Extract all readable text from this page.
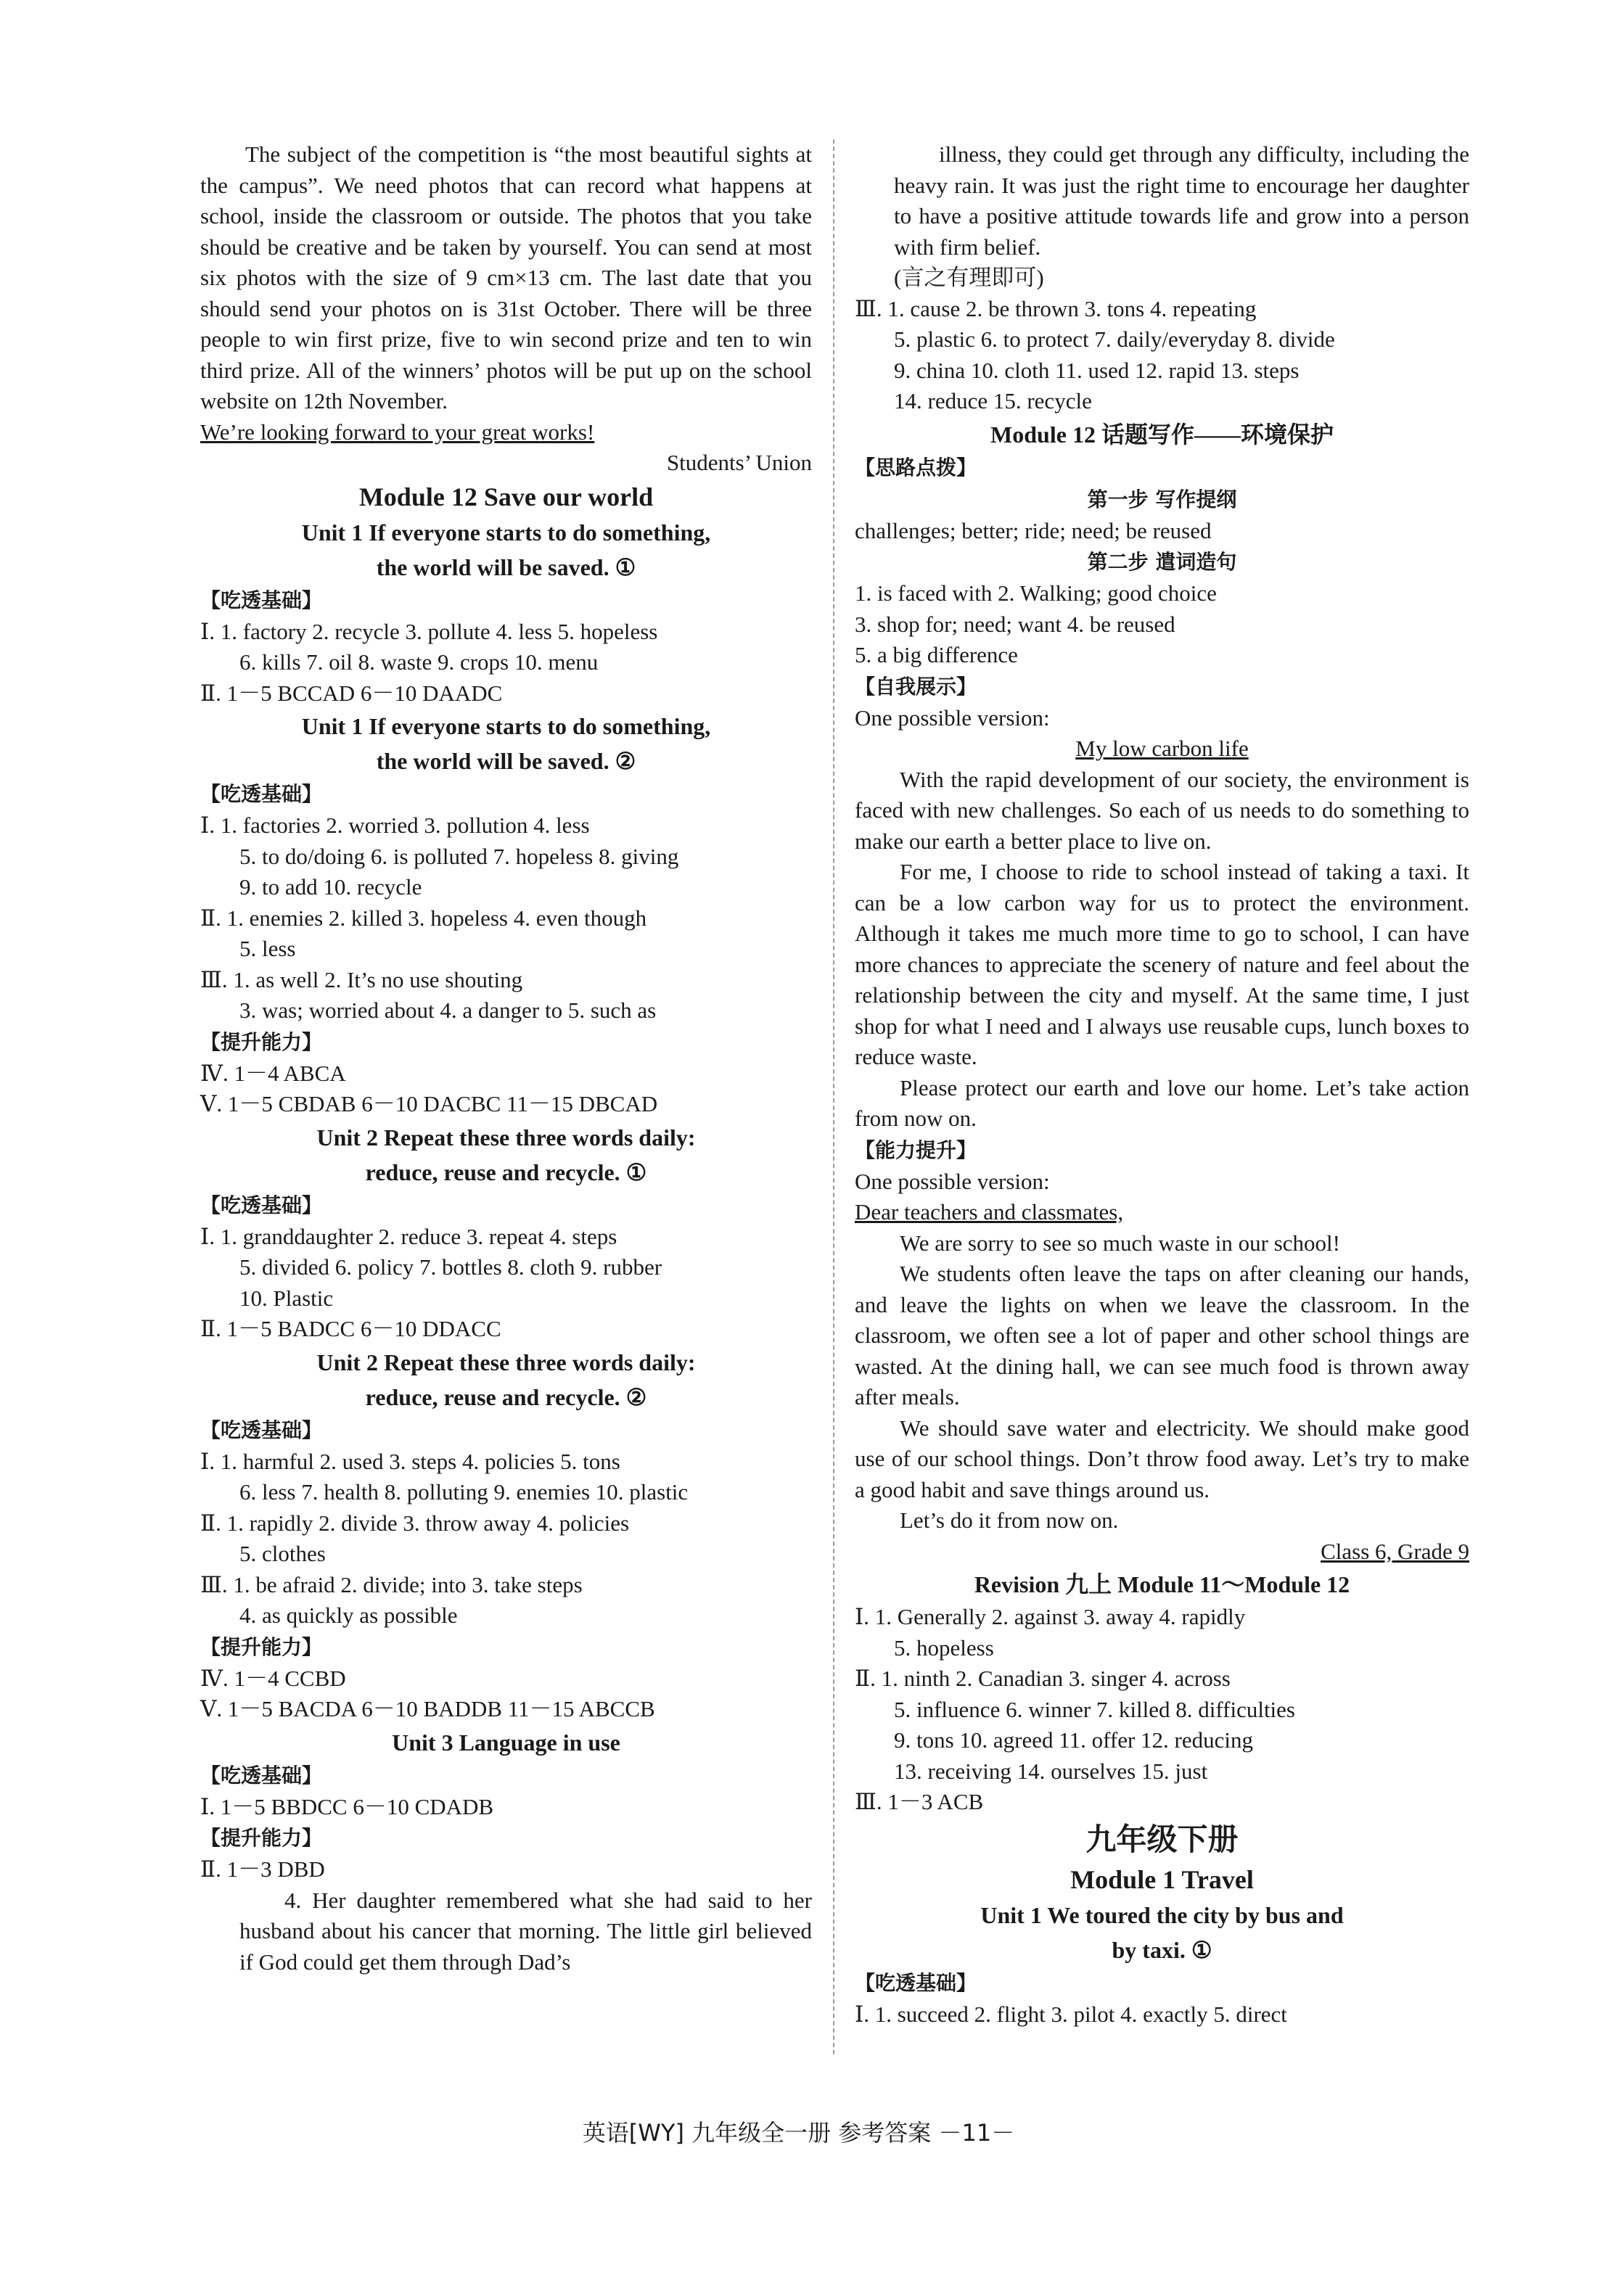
The subject of the competition is “the most beautiful sights at the campus”. We need photos that can record what happens at school, inside the classroom or outside. The photos that you take should be creative and be taken by yourself. You can send at most six photos with the size of 9 cm×13 cm. The last date that you should send your photos on is 31st October. There will be three people to win first prize, five to win second prize and ten to win third prize. All of the winners’ photos will be put up on the school website on 12th November.
We’re looking forward to your great works!
Students’ Union
Module 12 Save our world
Unit 1 If everyone starts to do something,
the world will be saved. ①
【吃透基础】
Ⅰ. 1. factory 2. recycle 3. pollute 4. less 5. hopeless
6. kills 7. oil 8. waste 9. crops 10. menu
Ⅱ. 1－5 BCCAD 6－10 DAADC
Unit 1 If everyone starts to do something,
the world will be saved. ②
【吃透基础】
Ⅰ. 1. factories 2. worried 3. pollution 4. less
5. to do/doing 6. is polluted 7. hopeless 8. giving
9. to add 10. recycle
Ⅱ. 1. enemies 2. killed 3. hopeless 4. even though
5. less
Ⅲ. 1. as well 2. It’s no use shouting
3. was; worried about 4. a danger to 5. such as
【提升能力】
Ⅳ. 1－4 ABCA
Ⅴ. 1－5 CBDAB 6－10 DACBC 11－15 DBCAD
Unit 2 Repeat these three words daily:
reduce, reuse and recycle. ①
【吃透基础】
Ⅰ. 1. granddaughter 2. reduce 3. repeat 4. steps
5. divided 6. policy 7. bottles 8. cloth 9. rubber
10. Plastic
Ⅱ. 1－5 BADCC 6－10 DDACC
Unit 2 Repeat these three words daily:
reduce, reuse and recycle. ②
【吃透基础】
Ⅰ. 1. harmful 2. used 3. steps 4. policies 5. tons
6. less 7. health 8. polluting 9. enemies 10. plastic
Ⅱ. 1. rapidly 2. divide 3. throw away 4. policies
5. clothes
Ⅲ. 1. be afraid 2. divide; into 3. take steps
4. as quickly as possible
【提升能力】
Ⅳ. 1－4 CCBD
Ⅴ. 1－5 BACDA 6－10 BADDB 11－15 ABCCB
Unit 3 Language in use
【吃透基础】
Ⅰ. 1－5 BBDCC 6－10 CDADB
【提升能力】
Ⅱ. 1－3 DBD
4. Her daughter remembered what she had said to her husband about his cancer that morning. The little girl believed if God could get them through Dad’s
illness, they could get through any difficulty, including the heavy rain. It was just the right time to encourage her daughter to have a positive attitude towards life and grow into a person with firm belief.
(言之有理即可)
Ⅲ. 1. cause 2. be thrown 3. tons 4. repeating
5. plastic 6. to protect 7. daily/everyday 8. divide
9. china 10. cloth 11. used 12. rapid 13. steps
14. reduce 15. recycle
Module 12 话题写作——环境保护
【思路点拨】
第一步 写作提纲
challenges; better; ride; need; be reused
第二步 遣词造句
1. is faced with 2. Walking; good choice
3. shop for; need; want 4. be reused
5. a big difference
【自我展示】
One possible version:
My low carbon life
With the rapid development of our society, the environment is faced with new challenges. So each of us needs to do something to make our earth a better place to live on.
For me, I choose to ride to school instead of taking a taxi. It can be a low carbon way for us to protect the environment. Although it takes me much more time to go to school, I can have more chances to appreciate the scenery of nature and feel about the relationship between the city and myself. At the same time, I just shop for what I need and I always use reusable cups, lunch boxes to reduce waste.
Please protect our earth and love our home. Let’s take action from now on.
【能力提升】
One possible version:
Dear teachers and classmates,
We are sorry to see so much waste in our school!
We students often leave the taps on after cleaning our hands, and leave the lights on when we leave the classroom. In the classroom, we often see a lot of paper and other school things are wasted. At the dining hall, we can see much food is thrown away after meals.
We should save water and electricity. We should make good use of our school things. Don’t throw food away. Let’s try to make a good habit and save things around us.
Let’s do it from now on.
Class 6, Grade 9
Revision 九上 Module 11～Module 12
Ⅰ. 1. Generally 2. against 3. away 4. rapidly
5. hopeless
Ⅱ. 1. ninth 2. Canadian 3. singer 4. across
5. influence 6. winner 7. killed 8. difficulties
9. tons 10. agreed 11. offer 12. reducing
13. receiving 14. ourselves 15. just
Ⅲ. 1－3 ACB
九年级下册
Module 1 Travel
Unit 1 We toured the city by bus and
by taxi. ①
【吃透基础】
Ⅰ. 1. succeed 2. flight 3. pilot 4. exactly 5. direct
英语[WY] 九年级全一册 参考答案 －11－
